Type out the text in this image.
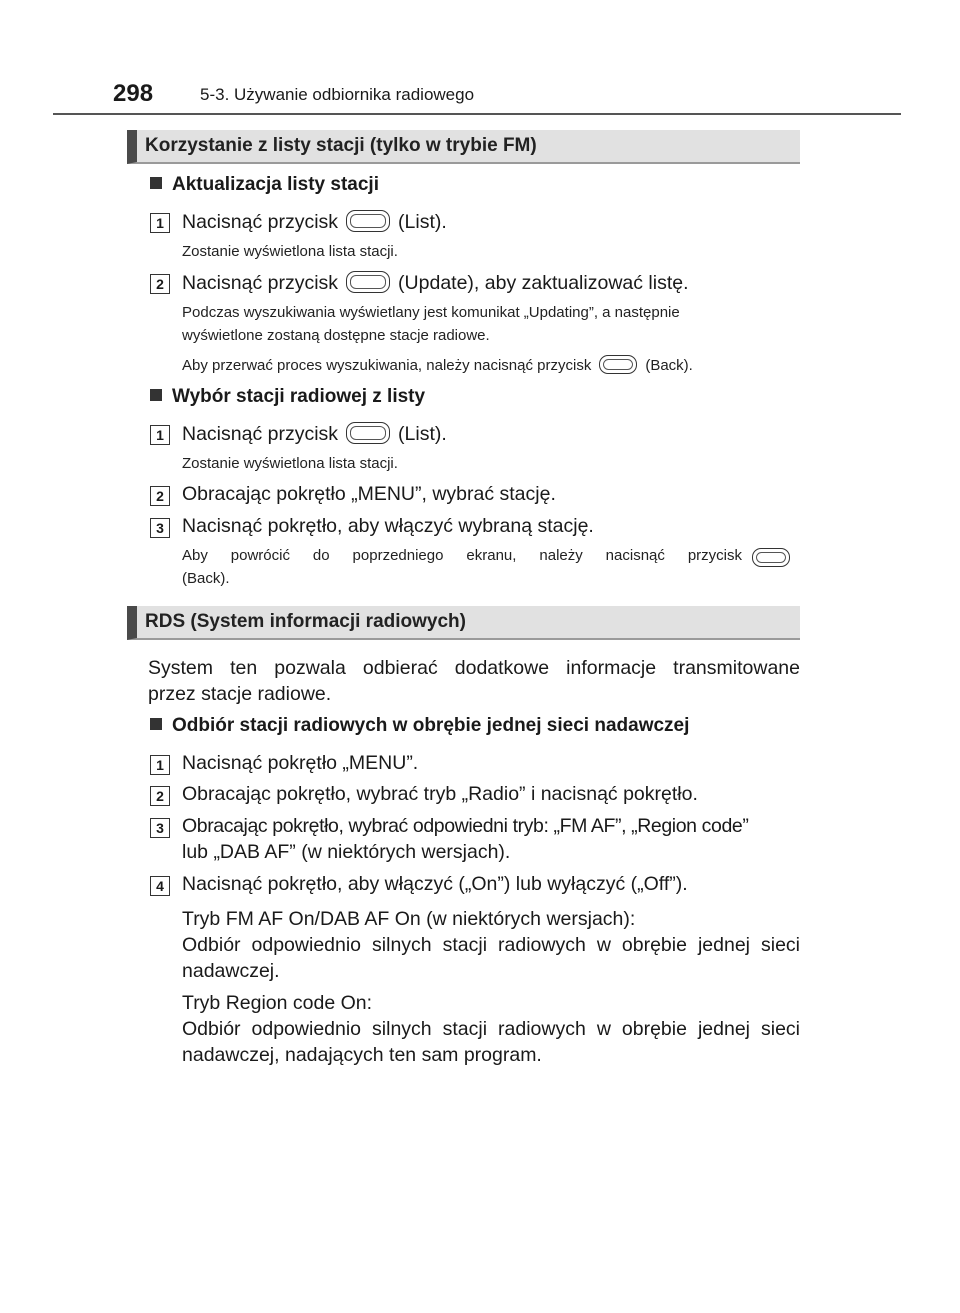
298	5-3. Używanie odbiornika radiowego
Korzystanie z listy stacji (tylko w trybie FM)
Aktualizacja listy stacji
1 Nacisnąć przycisk	(List).
Zostanie wyświetlona lista stacji.
2 Nacisnąć przycisk	(Update), aby zaktualizować listę.
Podczas wyszukiwania wyświetlany jest komunikat „Updating”, a następnie
wyświetlone zostaną dostępne stacje radiowe.
Aby przerwać proces wyszukiwania, należy nacisnąć przycisk	(Back).
Wybór stacji radiowej z listy
1 Nacisnąć przycisk	(List).
Zostanie wyświetlona lista stacji.
2 Obracając pokrętło „MENU”, wybrać stację.
3 Nacisnąć pokrętło, aby włączyć wybraną stację.
Aby powrócić do poprzedniego ekranu, należy nacisnąć przycisk
(Back).
RDS (System informacji radiowych)
System ten pozwala odbierać dodatkowe informacje transmitowane
przez stacje radiowe.
Odbiór stacji radiowych w obrębie jednej sieci nadawczej
1 Nacisnąć pokrętło „MENU”.
2 Obracając pokrętło, wybrać tryb „Radio” i nacisnąć pokrętło.
3 Obracając pokrętło, wybrać odpowiedni tryb: „FM AF”, „Region code”
lub „DAB AF” (w niektórych wersjach).
4 Nacisnąć pokrętło, aby włączyć („On”) lub wyłączyć („Off”).
Tryb FM AF On/DAB AF On (w niektórych wersjach):
Odbiór odpowiednio silnych stacji radiowych w obrębie jednej sieci
nadawczej.
Tryb Region code On:
Odbiór odpowiednio silnych stacji radiowych w obrębie jednej sieci
nadawczej, nadających ten sam program.
